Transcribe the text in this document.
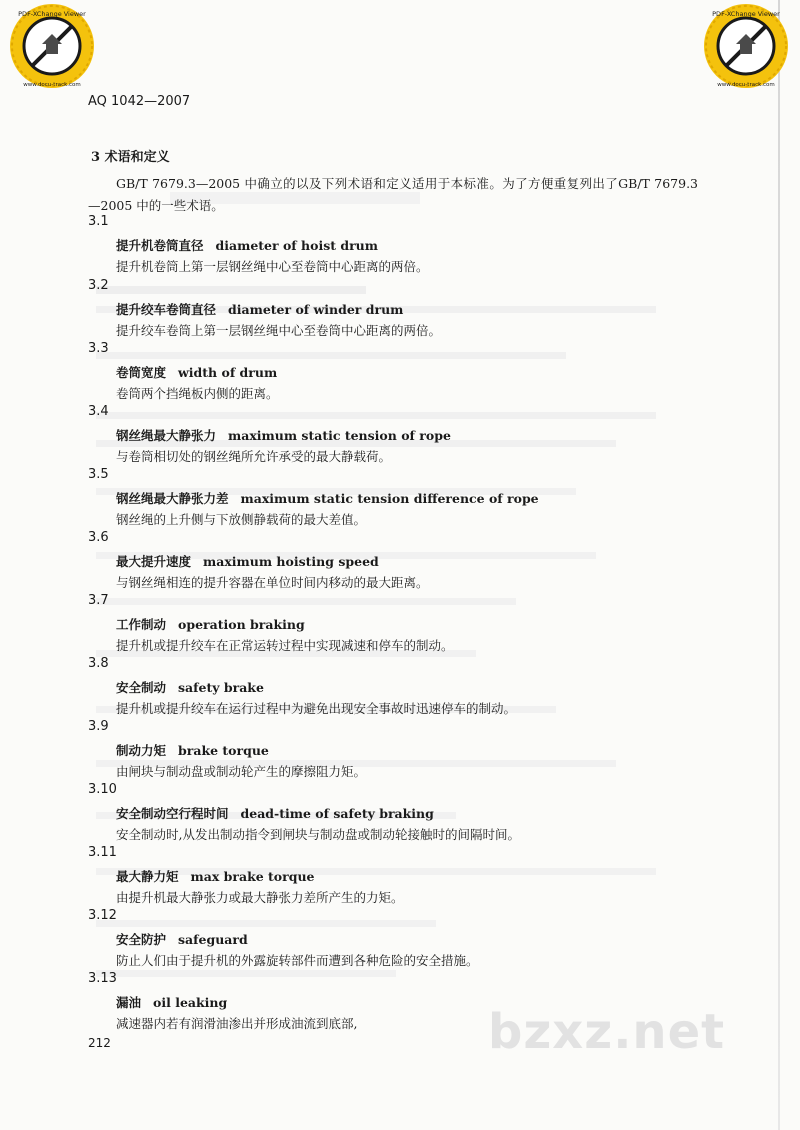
PDF-XChange Viewer
www.docu-track.com
PDF-XChange Viewer
www.docu-track.com
AQ 1042—2007
3 术语和定义
GB/T 7679.3—2005 中确立的以及下列术语和定义适用于本标准。为了方便重复列出了GB/T 7679.3—2005 中的一些术语。
3.1
提升机卷筒直径 diameter of hoist drum
提升机卷筒上第一层钢丝绳中心至卷筒中心距离的两倍。
3.2
提升绞车卷筒直径 diameter of winder drum
提升绞车卷筒上第一层钢丝绳中心至卷筒中心距离的两倍。
3.3
卷筒宽度 width of drum
卷筒两个挡绳板内侧的距离。
3.4
钢丝绳最大静张力 maximum static tension of rope
与卷筒相切处的钢丝绳所允许承受的最大静载荷。
3.5
钢丝绳最大静张力差 maximum static tension difference of rope
钢丝绳的上升侧与下放侧静载荷的最大差值。
3.6
最大提升速度 maximum hoisting speed
与钢丝绳相连的提升容器在单位时间内移动的最大距离。
3.7
工作制动 operation braking
提升机或提升绞车在正常运转过程中实现减速和停车的制动。
3.8
安全制动 safety brake
提升机或提升绞车在运行过程中为避免出现安全事故时迅速停车的制动。
3.9
制动力矩 brake torque
由闸块与制动盘或制动轮产生的摩擦阻力矩。
3.10
安全制动空行程时间 dead-time of safety braking
安全制动时,从发出制动指令到闸块与制动盘或制动轮接触时的间隔时间。
3.11
最大静力矩 max brake torque
由提升机最大静张力或最大静张力差所产生的力矩。
3.12
安全防护 safeguard
防止人们由于提升机的外露旋转部件而遭到各种危险的安全措施。
3.13
漏油 oil leaking
减速器内若有润滑油渗出并形成油流到底部,	bzxz.net
212
